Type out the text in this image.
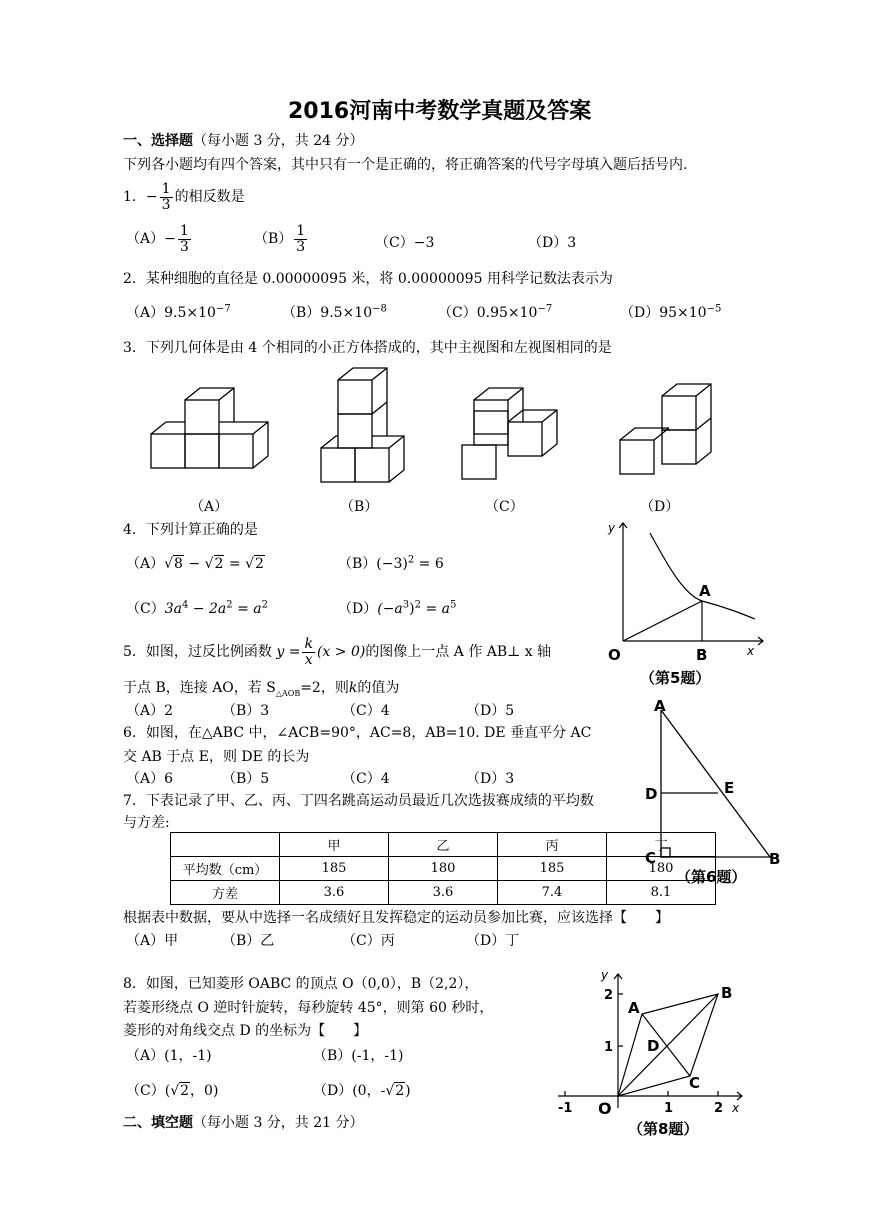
2016河南中考数学真题及答案
一、选择题（每小题 3 分，共 24 分）
下列各小题均有四个答案，其中只有一个是正确的，将正确答案的代号字母填入题后括号内.
1．− $\frac{1}{3}$ 的相反数是
$(A)- \frac{1}{3}$	$(B) \frac{1}{3}$	（C）−3	（D）3
2．某种细胞的直径是 0.00000095 米，将 0.00000095 用科学记数法表示为
$(A)9.5\times 10^{-7}$	$(B)9.5\times 10^{-8}$	$(C)0.95\times 10^{-7}$	$(D)95\times 10^{-5}$
3．下列几何体是由 4 个相同的小正方体搭成的，其中主视图和左视图相同的是
（A）	（B）	（C）	（D）
4．下列计算正确的是
（A）√8 − √2 = √2	$(B)(-3)^2 = 6$
$(C)3a^4 - 2a^2 = a^2$	$(D)(-a^3)^2 = a^5$
y
x
O
A
B
（第5题）
5．如图，过反比例函数 $y = \frac{k}{x} (x > 0)$的图像上一点 A 作 AB⊥ x 轴
于点 B，连接 AO，若 $S_{\triangle AOB}=2$，则k的值为
（A）2	（B）3	（C）4	（D）5
6．如图，在△ABC 中，∠ACB=90°，AC=8，AB=10. DE 垂直平分 AC
交 AB 于点 E，则 DE 的长为
（A）6	（B）5	（C）4	（D）3
A
D	E
C	B
（第6题）
7．下表记录了甲、乙、丙、丁四名跳高运动员最近几次选拔赛成绩的平均数
与方差:
	甲	乙	丙	丁
平均数（cm）	185	180	185	180
方差	3.6	3.6	7.4	8.1
根据表中数据，要从中选择一名成绩好且发挥稳定的运动员参加比赛，应该选择【　　】
（A）甲	（B）乙	（C）丙	（D）丁
8．如图，已知菱形 OABC 的顶点 O（0,0），B（2,2），
若菱形绕点 O 逆时针旋转，每秒旋转 45°，则第 60 秒时，
菱形的对角线交点 D 的坐标为【　　】
（A）(1，-1)	（B）(-1，-1)
（C）(√2，0)	（D）(0，-√2)
y
x
2
1
-1	1	2
O
A
B
C
D
（第8题）
二、填空题（每小题 3 分，共 21 分）
